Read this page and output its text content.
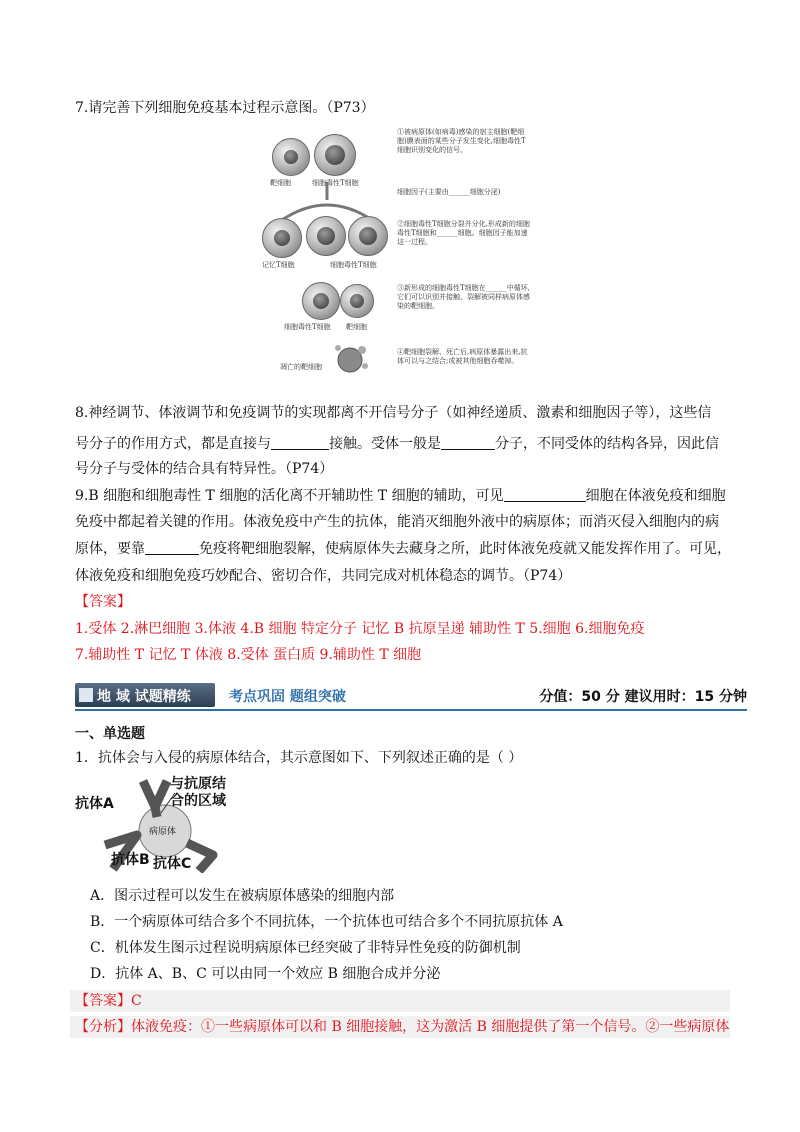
7.请完善下列细胞免疫基本过程示意图。（P73）
靶细胞	细胞毒性T细胞
①被病原体(如病毒)感染的宿主细胞(靶细胞)膜表面的某些分子发生变化,细胞毒性T细胞识别变化的信号。
细胞因子(主要由______细胞分泌)
记忆T细胞	细胞毒性T细胞
②细胞毒性T细胞分裂并分化,形成新的细胞毒性T细胞和______细胞。细胞因子能加速这一过程。
细胞毒性T细胞 靶细胞
③新形成的细胞毒性T细胞在______中循环,它们可以识别并接触、裂解被同样病原体感染的靶细胞。
凋亡的靶细胞
④靶细胞裂解、死亡后,病原体暴露出来,抗体可以与之结合;或被其他细胞吞噬掉。
8.神经调节、体液调节和免疫调节的实现都离不开信号分子（如神经递质、激素和细胞因子等），这些信
号分子的作用方式，都是直接与	接触。受体一般是	分子，不同受体的结构各异，因此信
号分子与受体的结合具有特异性。（P74）
9.B 细胞和细胞毒性 T 细胞的活化离不开辅助性 T 细胞的辅助，可见	细胞在体液免疫和细胞
免疫中都起着关键的作用。体液免疫中产生的抗体，能消灭细胞外液中的病原体；而消灭侵入细胞内的病
原体，要靠	免疫将靶细胞裂解，使病原体失去藏身之所，此时体液免疫就又能发挥作用了。可见，
体液免疫和细胞免疫巧妙配合、密切合作，共同完成对机体稳态的调节。（P74）
【答案】
1.受体 2.淋巴细胞 3.体液 4.B 细胞 特定分子 记忆 B 抗原呈递 辅助性 T 5.细胞 6.细胞免疫
7.辅助性 T 记忆 T 体液 8.受体 蛋白质 9.辅助性 T 细胞
地 域 试题精练	考点巩固 题组突破	分值：50 分 建议用时：15 分钟
一、单选题
1．抗体会与入侵的病原体结合，其示意图如下、下列叙述正确的是（ ）
抗体A
与抗原结
合的区域
病原体
抗体B 抗体C
A．图示过程可以发生在被病原体感染的细胞内部
B．一个病原体可结合多个不同抗体，一个抗体也可结合多个不同抗原抗体 A
C．机体发生图示过程说明病原体已经突破了非特异性免疫的防御机制
D．抗体 A、B、C 可以由同一个效应 B 细胞合成并分泌
【答案】C
【分析】体液免疫：①一些病原体可以和 B 细胞接触，这为激活 B 细胞提供了第一个信号。②一些病原体
